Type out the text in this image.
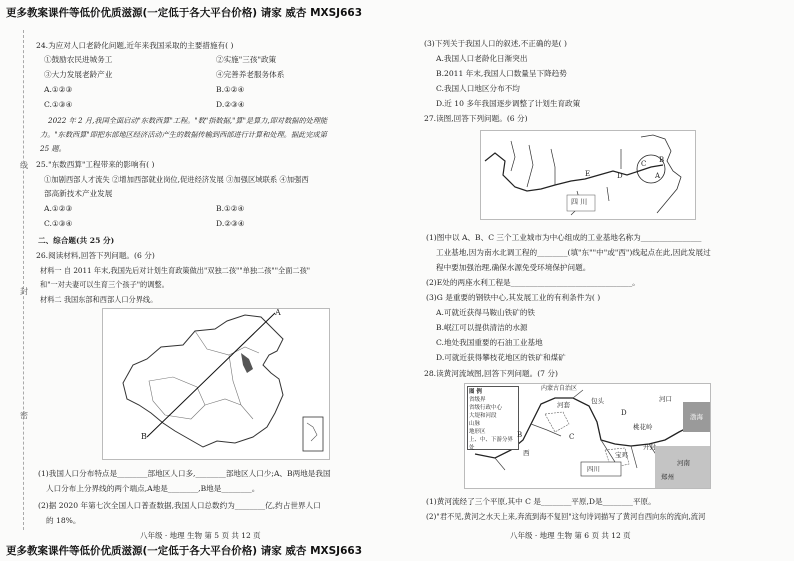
更多教案课件等低价优质滋源(一定低于各大平台价格) 请家 威杏 MXSJ663
更多教案课件等低价优质滋源(一定低于各大平台价格) 请家 威杏 MXSJ663
线
封
密
24.为应对人口老龄化问题,近年来我国采取的主要措施有( )
①鼓励农民进城务工	②实施"三孩"政策
③大力发展老龄产业	④完善养老服务体系
A.①②③	B.①②④
C.①③④	D.②③④
2022 年 2 月,我国全面启动"东数西算"工程。"数"指数据,"算"是算力,即对数据的处理能
力。"东数西算"即把东部地区经济活动产生的数据传输到西部进行计算和处理。据此完成第
25 题。
25."东数西算"工程带来的影响有( )
①加剧西部人才流失 ②增加西部就业岗位,促进经济发展 ③加强区域联系 ④加强西
部高新技术产业发展
A.①②③	B.①②④
C.①③④	D.②③④
二、综合题(共 25 分)
26.阅读材料,回答下列问题。(6 分)
材料一 自 2011 年末,我国先后对计划生育政策做出"双独二孩""单独二孩""全面二孩"
和"一对夫妻可以生育三个孩子"的调整。
材料二 我国东部和西部人口分界线。
A
B
(1)我国人口分布特点是________部地区人口多,________部地区人口少;A、B两地是我国
人口分布上分界线的两个端点,A地是________,B地是________。
(2)据 2020 年第七次全国人口普查数据,我国人口总数约为________亿,约占世界人口
的 18%。
(3)下列关于我国人口的叙述,不正确的是( )
A.我国人口老龄化日渐突出
B.2011 年末,我国人口数量呈下降趋势
C.我国人口地区分布不均
D.近 10 多年我国逐步调整了计划生育政策
27.读图,回答下列问题。(6 分)
E	D
C B
A
四 川
(1)图中以 A、B、C 三个工业城市为中心组成的工业基地名称为________________
工业基地,因为南水北调工程的________(填"东""中"或"西")线起点在此,因此发展过
程中要加强治理,确保水源免受环境保护问题。
(2)E处的两座水利工程是________________________________。
(3)G 是重要的钢铁中心,其发展工业的有利条件为( )
A.可就近获得马鞍山铁矿的铁
B.岷江可以提供清洁的水源
C.地处我国重要的石油工业基地
D.可就近获得攀枝花地区的铁矿和煤矿
28.读黄河流域图,回答下列问题。(7 分)
图 例
省级界
省级行政中心
大堤和河段
山脉
地形区
上、中、下游分界处
内蒙古自治区
渤海
河口
桃花岭
河套	包头
B	C
D
开封
西
河南
宝鸡
四川
郑州
(1)黄河流经了三个平原,其中 C 是________平原,D是________平原。
(2)"君不见,黄河之水天上来,奔流到海不复回"这句诗词描写了黄河自西向东的流向,流河
八年级 · 地理 生物 第 5 页 共 12 页	八年级 · 地理 生物 第 6 页 共 12 页
